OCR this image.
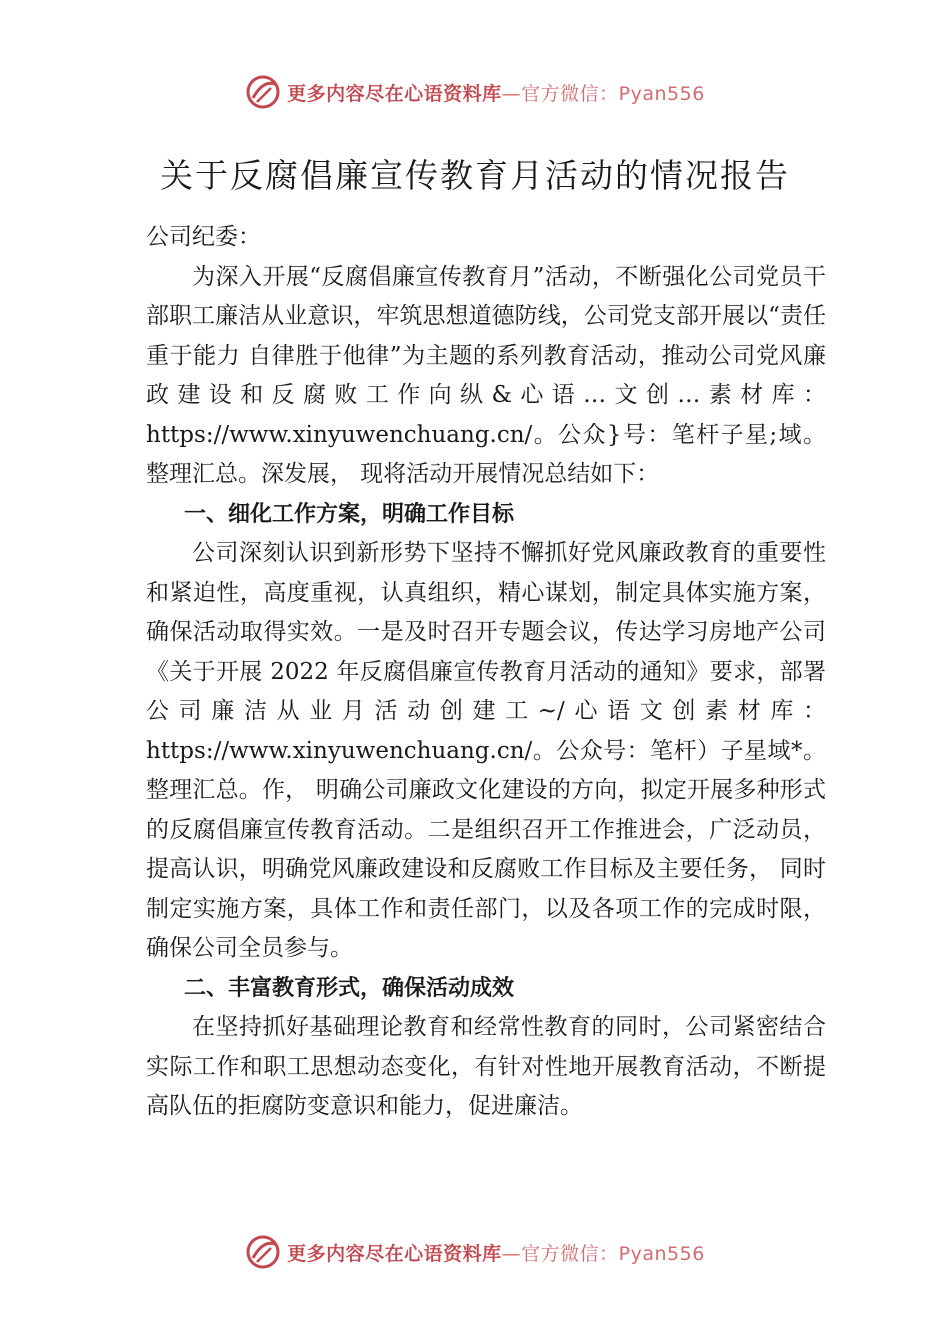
更多内容尽在心语资料库—官方微信：Pyan556
关于反腐倡廉宣传教育月活动的情况报告

公司纪委：

为深入开展“反腐倡廉宣传教育月”活动，不断强化公司党员干部职工廉洁从业意识，牢筑思想道德防线，公司党支部开展以“责任重于能力 自律胜于他律”为主题的系列教育活动，推动公司党风廉政建设和反腐败工作向纵&心语…文创…素材库：https://www.xinyuwenchuang.cn/。公众}号：笔杆子星;域。整理汇总。深发展， 现将活动开展情况总结如下：

一、细化工作方案，明确工作目标

公司深刻认识到新形势下坚持不懈抓好党风廉政教育的重要性和紧迫性，高度重视，认真组织，精心谋划，制定具体实施方案，确保活动取得实效。一是及时召开专题会议，传达学习房地产公司《关于开展 2022 年反腐倡廉宣传教育月活动的通知》要求，部署公司廉洁从业月活动创建工~/心语文创素材库：https://www.xinyuwenchuang.cn/。公众号：笔杆）子星域*。整理汇总。作， 明确公司廉政文化建设的方向，拟定开展多种形式的反腐倡廉宣传教育活动。二是组织召开工作推进会，广泛动员，提高认识，明确党风廉政建设和反腐败工作目标及主要任务， 同时制定实施方案，具体工作和责任部门，以及各项工作的完成时限，确保公司全员参与。

二、丰富教育形式，确保活动成效

在坚持抓好基础理论教育和经常性教育的同时，公司紧密结合实际工作和职工思想动态变化，有针对性地开展教育活动，不断提高队伍的拒腐防变意识和能力，促进廉洁。

更多内容尽在心语资料库—官方微信：Pyan556
